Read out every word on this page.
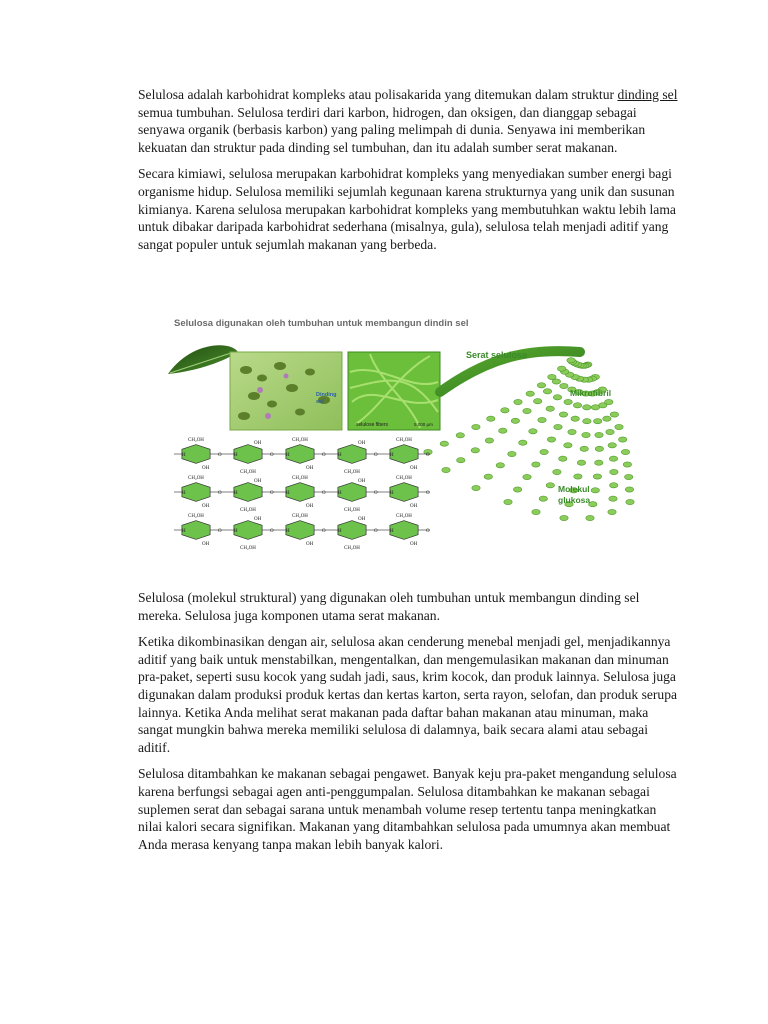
Selulosa adalah karbohidrat kompleks atau polisakarida yang ditemukan dalam struktur dinding sel semua tumbuhan. Selulosa terdiri dari karbon, hidrogen, dan oksigen, dan dianggap sebagai senyawa organik (berbasis karbon) yang paling melimpah di dunia. Senyawa ini memberikan kekuatan dan struktur pada dinding sel tumbuhan, dan itu adalah sumber serat makanan.

Secara kimiawi, selulosa merupakan karbohidrat kompleks yang menyediakan sumber energi bagi organisme hidup. Selulosa memiliki sejumlah kegunaan karena strukturnya yang unik dan susunan kimianya. Karena selulosa merupakan karbohidrat kompleks yang membutuhkan waktu lebih lama untuk dibakar daripada karbohidrat sederhana (misalnya, gula), selulosa telah menjadi aditif yang sangat populer untuk sejumlah makanan yang berbeda.

Selulosa digunakan oleh tumbuhan untuk membangun dindin sel
Dinding
sel
selulose fibers	5,000 μm
Serat selulosa
Mikrofibril
Molekul
glukosa
CH₂OH
OH
H	O
CH₂OH
OH
H	O
CH₂OH
OH
H	O
CH₂OH
OH
H	O
CH₂OH
OH
H	O
CH₂OH
OH
H	O
CH₂OH
OH
H	O
CH₂OH
OH
H	O
CH₂OH
OH
H	O
CH₂OH
OH
H	O
CH₂OH
OH
H	O
CH₂OH
OH
H	O
CH₂OH
OH
H	O
CH₂OH
OH
H	O
CH₂OH
OH
H	O

Selulosa (molekul struktural) yang digunakan oleh tumbuhan untuk membangun dinding sel mereka. Selulosa juga komponen utama serat makanan.

Ketika dikombinasikan dengan air, selulosa akan cenderung menebal menjadi gel, menjadikannya aditif yang baik untuk menstabilkan, mengentalkan, dan mengemulasikan makanan dan minuman pra-paket, seperti susu kocok yang sudah jadi, saus, krim kocok, dan produk lainnya. Selulosa juga digunakan dalam produksi produk kertas dan kertas karton, serta rayon, selofan, dan produk serupa lainnya. Ketika Anda melihat serat makanan pada daftar bahan makanan atau minuman, maka sangat mungkin bahwa mereka memiliki selulosa di dalamnya, baik secara alami atau sebagai aditif.

Selulosa ditambahkan ke makanan sebagai pengawet. Banyak keju pra-paket mengandung selulosa karena berfungsi sebagai agen anti-penggumpalan. Selulosa ditambahkan ke makanan sebagai suplemen serat dan sebagai sarana untuk menambah volume resep tertentu tanpa meningkatkan nilai kalori secara signifikan. Makanan yang ditambahkan selulosa pada umumnya akan membuat Anda merasa kenyang tanpa makan lebih banyak kalori.
